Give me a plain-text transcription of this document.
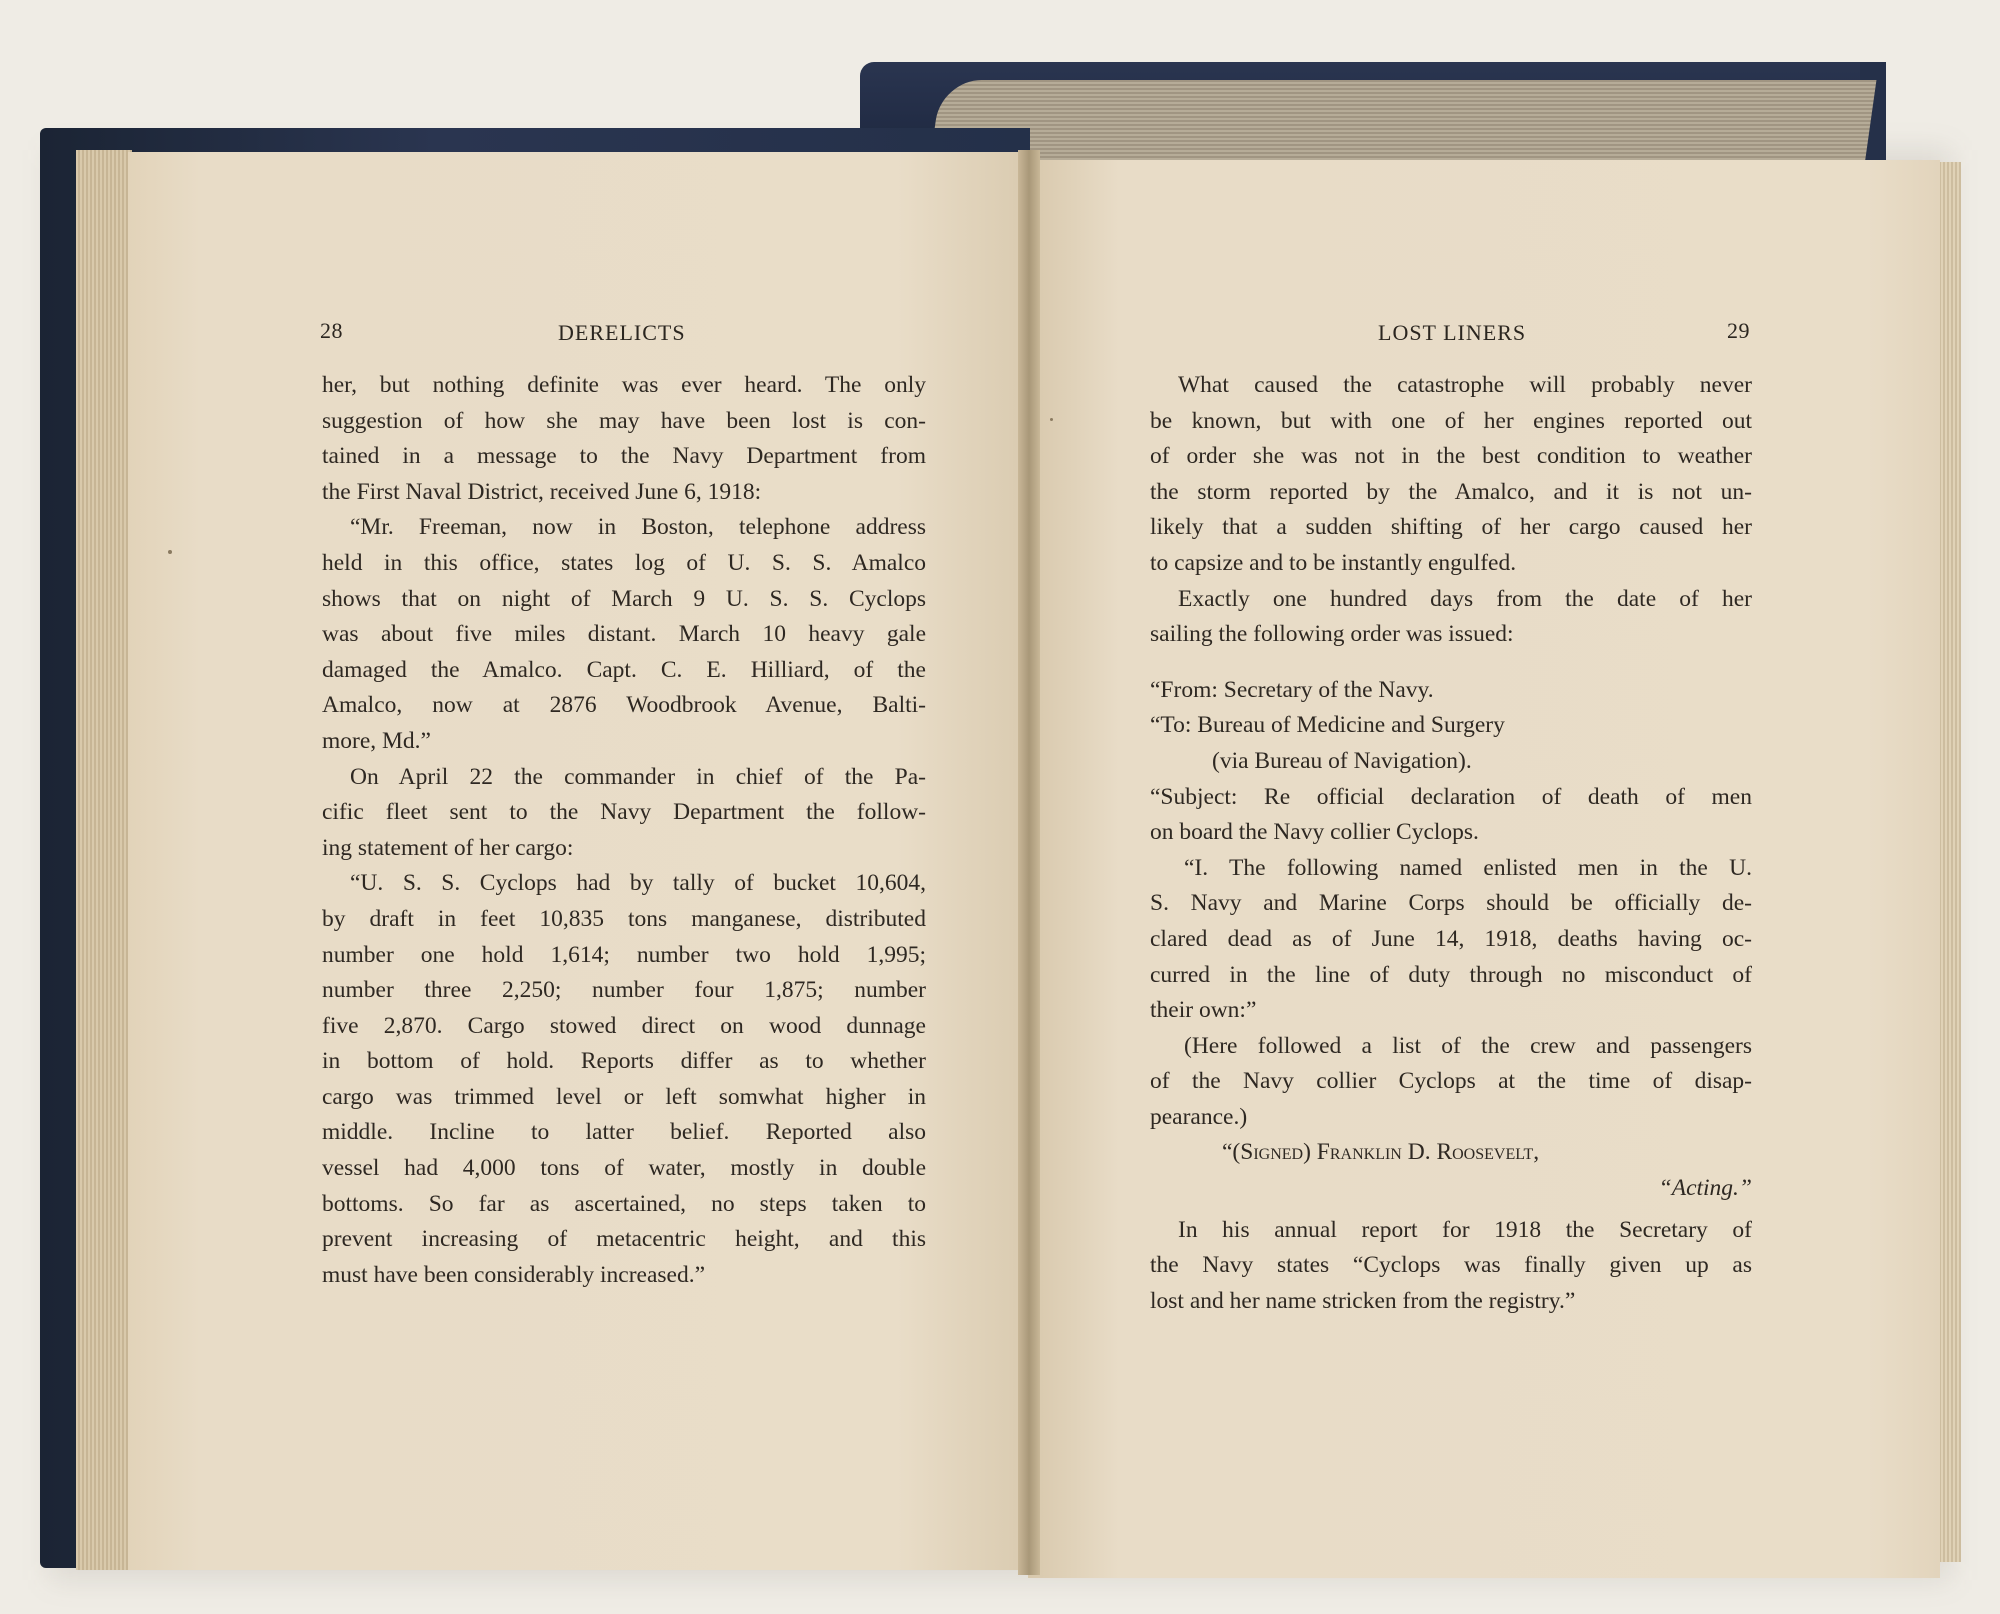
28	DERELICTS	LOST LINERS	29
her, but nothing definite was ever heard. The only
suggestion of how she may have been lost is con-
tained in a message to the Navy Department from
the First Naval District, received June 6, 1918:
“Mr. Freeman, now in Boston, telephone address
held in this office, states log of U. S. S. Amalco
shows that on night of March 9 U. S. S. Cyclops
was about five miles distant. March 10 heavy gale
damaged the Amalco. Capt. C. E. Hilliard, of the
Amalco, now at 2876 Woodbrook Avenue, Balti-
more, Md.”
On April 22 the commander in chief of the Pa-
cific fleet sent to the Navy Department the follow-
ing statement of her cargo:
“U. S. S. Cyclops had by tally of bucket 10,604,
by draft in feet 10,835 tons manganese, distributed
number one hold 1,614; number two hold 1,995;
number three 2,250; number four 1,875; number
five 2,870. Cargo stowed direct on wood dunnage
in bottom of hold. Reports differ as to whether
cargo was trimmed level or left somwhat higher in
middle. Incline to latter belief. Reported also
vessel had 4,000 tons of water, mostly in double
bottoms. So far as ascertained, no steps taken to
prevent increasing of metacentric height, and this
must have been considerably increased.”
What caused the catastrophe will probably never
be known, but with one of her engines reported out
of order she was not in the best condition to weather
the storm reported by the Amalco, and it is not un-
likely that a sudden shifting of her cargo caused her
to capsize and to be instantly engulfed.
Exactly one hundred days from the date of her
sailing the following order was issued:
“From: Secretary of the Navy.
“To: Bureau of Medicine and Surgery
(via Bureau of Navigation).
“Subject: Re official declaration of death of men
on board the Navy collier Cyclops.
“I. The following named enlisted men in the U.
S. Navy and Marine Corps should be officially de-
clared dead as of June 14, 1918, deaths having oc-
curred in the line of duty through no misconduct of
their own:”
(Here followed a list of the crew and passengers
of the Navy collier Cyclops at the time of disap-
pearance.)
“(Signed) Franklin D. Roosevelt,
“Acting.”
In his annual report for 1918 the Secretary of
the Navy states “Cyclops was finally given up as
lost and her name stricken from the registry.”
